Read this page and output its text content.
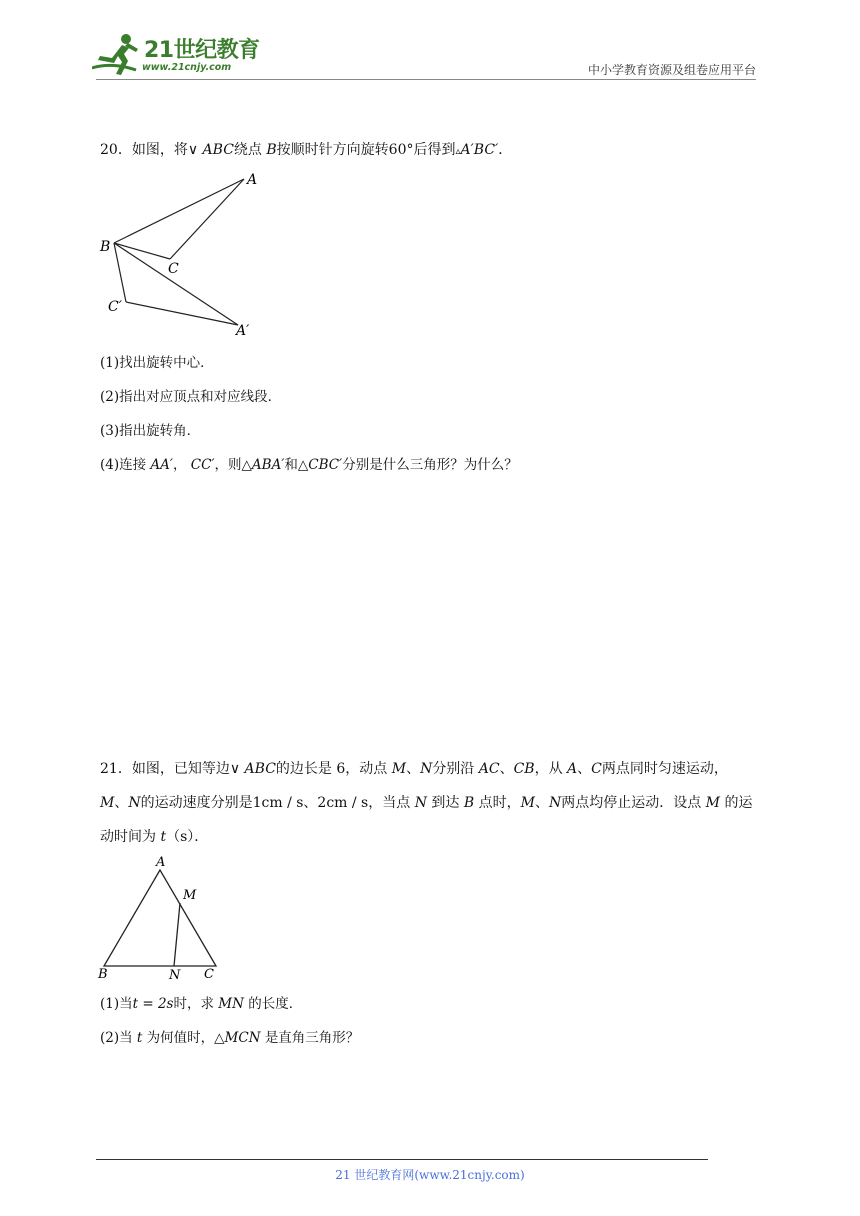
21世纪教育
www.21cnjy.com	中小学教育资源及组卷应用平台
20．如图，将∨ ABC绕点 B按顺时针方向旋转60°后得到▵A′BC′．
A
B
C
C′
A′
(1)找出旋转中心．
(2)指出对应顶点和对应线段．
(3)指出旋转角．
(4)连接 AA′， CC′，则△ABA′和△CBC′分别是什么三角形？为什么？
21．如图，已知等边∨ ABC的边长是 6，动点 M、N分别沿 AC、CB，从 A、C两点同时匀速运动，
M、N的运动速度分别是1cm / s、2cm / s，当点 N 到达 B 点时，M、N两点均停止运动．设点 M 的运
动时间为 t（s）．
A
M
B	N C
(1)当t = 2s时，求 MN 的长度．
(2)当 t 为何值时，△MCN 是直角三角形？
21 世纪教育网(www.21cnjy.com)
